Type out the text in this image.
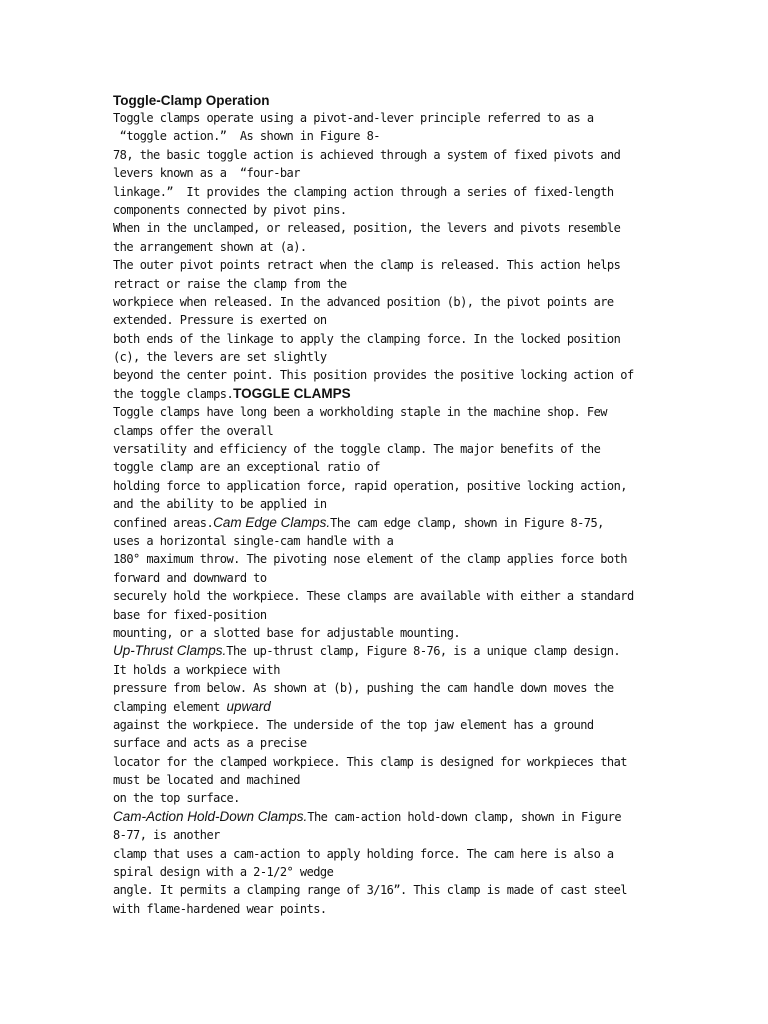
Toggle-Clamp Operation
Toggle clamps operate using a pivot-and-lever principle referred to as a
“toggle action.”  As shown in Figure 8-
78, the basic toggle action is achieved through a system of fixed pivots and
levers known as a  “four-bar
linkage.”  It provides the clamping action through a series of fixed-length
components connected by pivot pins.
When in the unclamped, or released, position, the levers and pivots resemble
the arrangement shown at (a).
The outer pivot points retract when the clamp is released. This action helps
retract or raise the clamp from the
workpiece when released. In the advanced position (b), the pivot points are
extended. Pressure is exerted on
both ends of the linkage to apply the clamping force. In the locked position
(c), the levers are set slightly
beyond the center point. This position provides the positive locking action of
the toggle clamps.TOGGLE CLAMPS
Toggle clamps have long been a workholding staple in the machine shop. Few
clamps offer the overall
versatility and efficiency of the toggle clamp. The major benefits of the
toggle clamp are an exceptional ratio of
holding force to application force, rapid operation, positive locking action,
and the ability to be applied in
confined areas.Cam Edge Clamps.The cam edge clamp, shown in Figure 8-75,
uses a horizontal single-cam handle with a
180° maximum throw. The pivoting nose element of the clamp applies force both
forward and downward to
securely hold the workpiece. These clamps are available with either a standard
base for fixed-position
mounting, or a slotted base for adjustable mounting.
Up-Thrust Clamps.The up-thrust clamp, Figure 8-76, is a unique clamp design.
It holds a workpiece with
pressure from below. As shown at (b), pushing the cam handle down moves the
clamping element upward
against the workpiece. The underside of the top jaw element has a ground
surface and acts as a precise
locator for the clamped workpiece. This clamp is designed for workpieces that
must be located and machined
on the top surface.
Cam-Action Hold-Down Clamps.The cam-action hold-down clamp, shown in Figure
8-77, is another
clamp that uses a cam-action to apply holding force. The cam here is also a
spiral design with a 2-1/2° wedge
angle. It permits a clamping range of 3/16”. This clamp is made of cast steel
with flame-hardened wear points.
